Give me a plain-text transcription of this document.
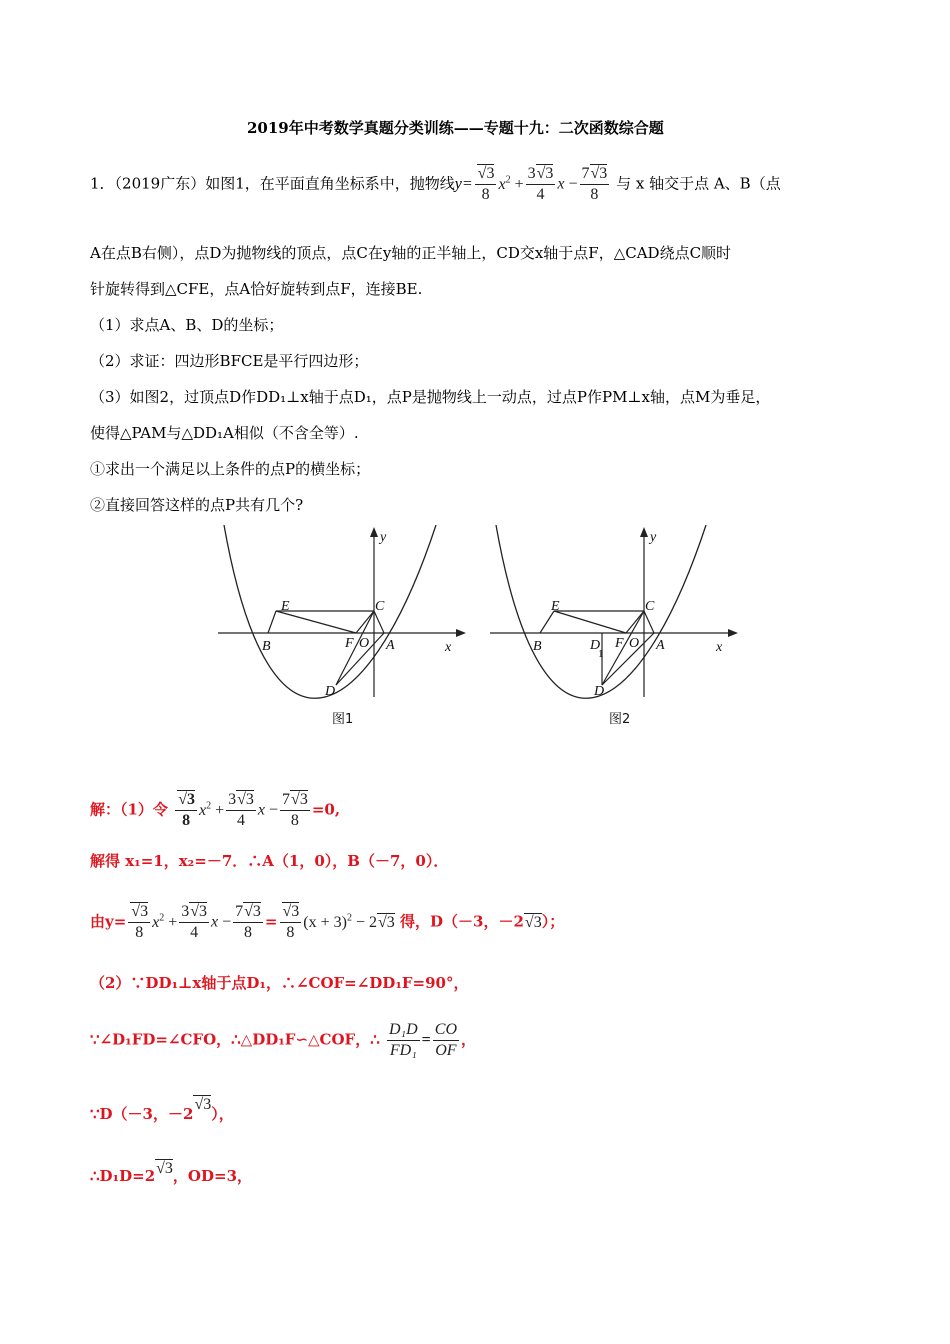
2019年中考数学真题分类训练——专题十九：二次函数综合题
1．（2019广东）如图1，在平面直角坐标系中，抛物线$y= \frac{√3}{8} x^2 + \frac{3√3}{4}$ $x - \frac{7√3}{8}$ 与 x 轴交于点 A、B（点
A在点B右侧），点D为抛物线的顶点，点C在y轴的正半轴上，CD交x轴于点F，△CAD绕点C顺时
针旋转得到△CFE，点A恰好旋转到点F，连接BE.
（1）求点A、B、D的坐标；
（2）求证：四边形BFCE是平行四边形；
（3）如图2，过顶点D作DD₁⊥x轴于点D₁，点P是抛物线上一动点，过点P作PM⊥x轴，点M为垂足，
使得△PAM与△DD₁A相似（不含全等）.
①求出一个满足以上条件的点P的横坐标；
②直接回答这样的点P共有几个?
y
x
E	C
B	F O A
D
图1
y
x
E	C
B	D
1
F O A
D
图2
解：（1）令 $\frac{√3}{8} x^2 + \frac{3√3}{4}$ $x - \frac{7√3}{8} =0$,
解得 x₁=1，x₂=－7．∴A（1，0），B（－7，0）．
由$y= \frac{√3}{8} x^2 + \frac{3√3}{4}$ $x - \frac{7√3}{8} = \frac{√3}{8} (x + 3)^2 - 2√3$ 得，D（－3，－2√3）；
（2）∵DD₁⊥x轴于点D₁，∴∠COF=∠DD₁F=90°，
∵∠D₁FD=∠CFO，∴△DD₁F∽△COF，∴ $\frac{\text{D₁D}}{\text{FD₁}} = \frac{CO}{OF}$ ，
∵D（－3，－2√3），
∴D₁D=2√3，OD=3，
